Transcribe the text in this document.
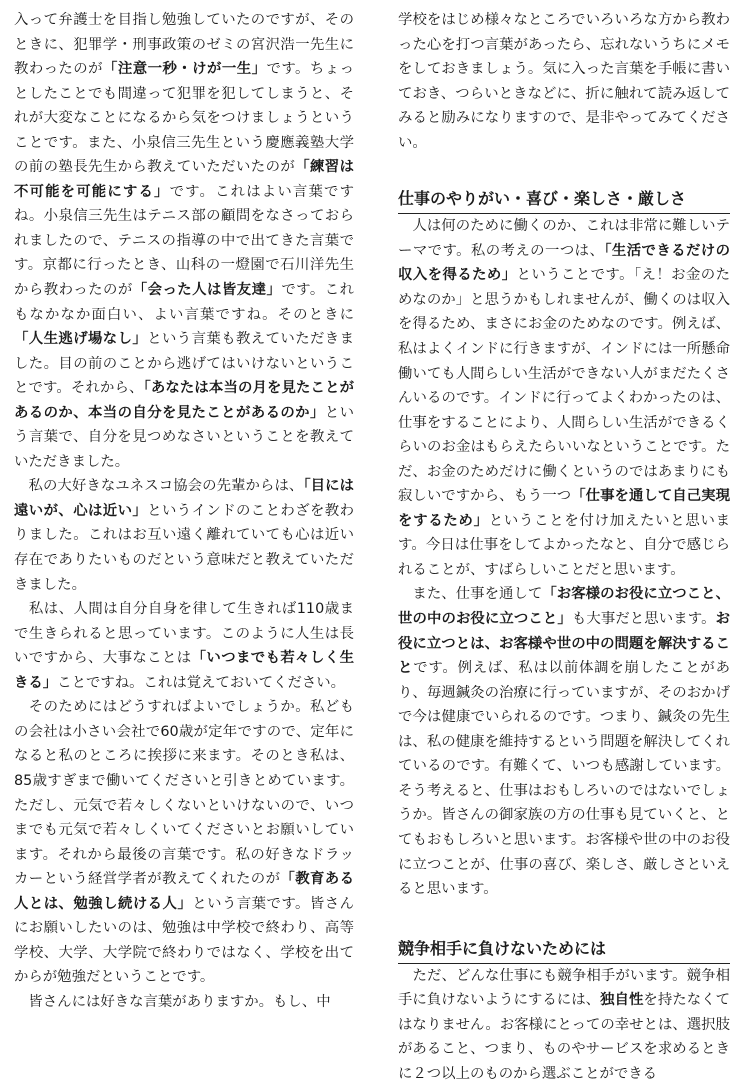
入って弁護士を目指し勉強していたのですが、そのときに、犯罪学・刑事政策のゼミの宮沢浩一先生に教わったのが「注意一秒・けが一生」です。ちょっとしたことでも間違って犯罪を犯してしまうと、それが大変なことになるから気をつけましょうということです。また、小泉信三先生という慶應義塾大学の前の塾長先生から教えていただいたのが「練習は不可能を可能にする」です。これはよい言葉ですね。小泉信三先生はテニス部の顧問をなさっておられましたので、テニスの指導の中で出てきた言葉です。京都に行ったとき、山科の一燈園で石川洋先生から教わったのが「会った人は皆友達」です。これもなかなか面白い、よい言葉ですね。そのときに「人生逃げ場なし」という言葉も教えていただきました。目の前のことから逃げてはいけないということです。それから、「あなたは本当の月を見たことがあるのか、本当の自分を見たことがあるのか」という言葉で、自分を見つめなさいということを教えていただきました。

　私の大好きなユネスコ協会の先輩からは、「目には遠いが、心は近い」というインドのことわざを教わりました。これはお互い遠く離れていても心は近い存在でありたいものだという意味だと教えていただきました。

　私は、人間は自分自身を律して生きれば110歳まで生きられると思っています。このように人生は長いですから、大事なことは「いつまでも若々しく生きる」ことですね。これは覚えておいてください。

　そのためにはどうすればよいでしょうか。私どもの会社は小さい会社で60歳が定年ですので、定年になると私のところに挨拶に来ます。そのとき私は、85歳すぎまで働いてくださいと引きとめています。ただし、元気で若々しくないといけないので、いつまでも元気で若々しくいてくださいとお願いしています。それから最後の言葉です。私の好きなドラッカーという経営学者が教えてくれたのが「教育ある人とは、勉強し続ける人」という言葉です。皆さんにお願いしたいのは、勉強は中学校で終わり、高等学校、大学、大学院で終わりではなく、学校を出てからが勉強だということです。

　皆さんには好きな言葉がありますか。もし、中

学校をはじめ様々なところでいろいろな方から教わった心を打つ言葉があったら、忘れないうちにメモをしておきましょう。気に入った言葉を手帳に書いておき、つらいときなどに、折に触れて読み返してみると励みになりますので、是非やってみてください。

仕事のやりがい・喜び・楽しさ・厳しさ

　人は何のために働くのか、これは非常に難しいテーマです。私の考えの一つは、「生活できるだけの収入を得るため」ということです。「え！お金のためなのか」と思うかもしれませんが、働くのは収入を得るため、まさにお金のためなのです。例えば、私はよくインドに行きますが、インドには一所懸命働いても人間らしい生活ができない人がまだたくさんいるのです。インドに行ってよくわかったのは、仕事をすることにより、人間らしい生活ができるくらいのお金はもらえたらいいなということです。ただ、お金のためだけに働くというのではあまりにも寂しいですから、もう一つ「仕事を通して自己実現をするため」ということを付け加えたいと思います。今日は仕事をしてよかったなと、自分で感じられることが、すばらしいことだと思います。

　また、仕事を通して「お客様のお役に立つこと、世の中のお役に立つこと」も大事だと思います。お役に立つとは、お客様や世の中の問題を解決することです。例えば、私は以前体調を崩したことがあり、毎週鍼灸の治療に行っていますが、そのおかげで今は健康でいられるのです。つまり、鍼灸の先生は、私の健康を維持するという問題を解決してくれているのです。有難くて、いつも感謝しています。そう考えると、仕事はおもしろいのではないでしょうか。皆さんの御家族の方の仕事も見ていくと、とてもおもしろいと思います。お客様や世の中のお役に立つことが、仕事の喜び、楽しさ、厳しさといえると思います。

競争相手に負けないためには

　ただ、どんな仕事にも競争相手がいます。競争相手に負けないようにするには、独自性を持たなくてはなりません。お客様にとっての幸せとは、選択肢があること、つまり、ものやサービスを求めるときに２つ以上のものから選ぶことができる
